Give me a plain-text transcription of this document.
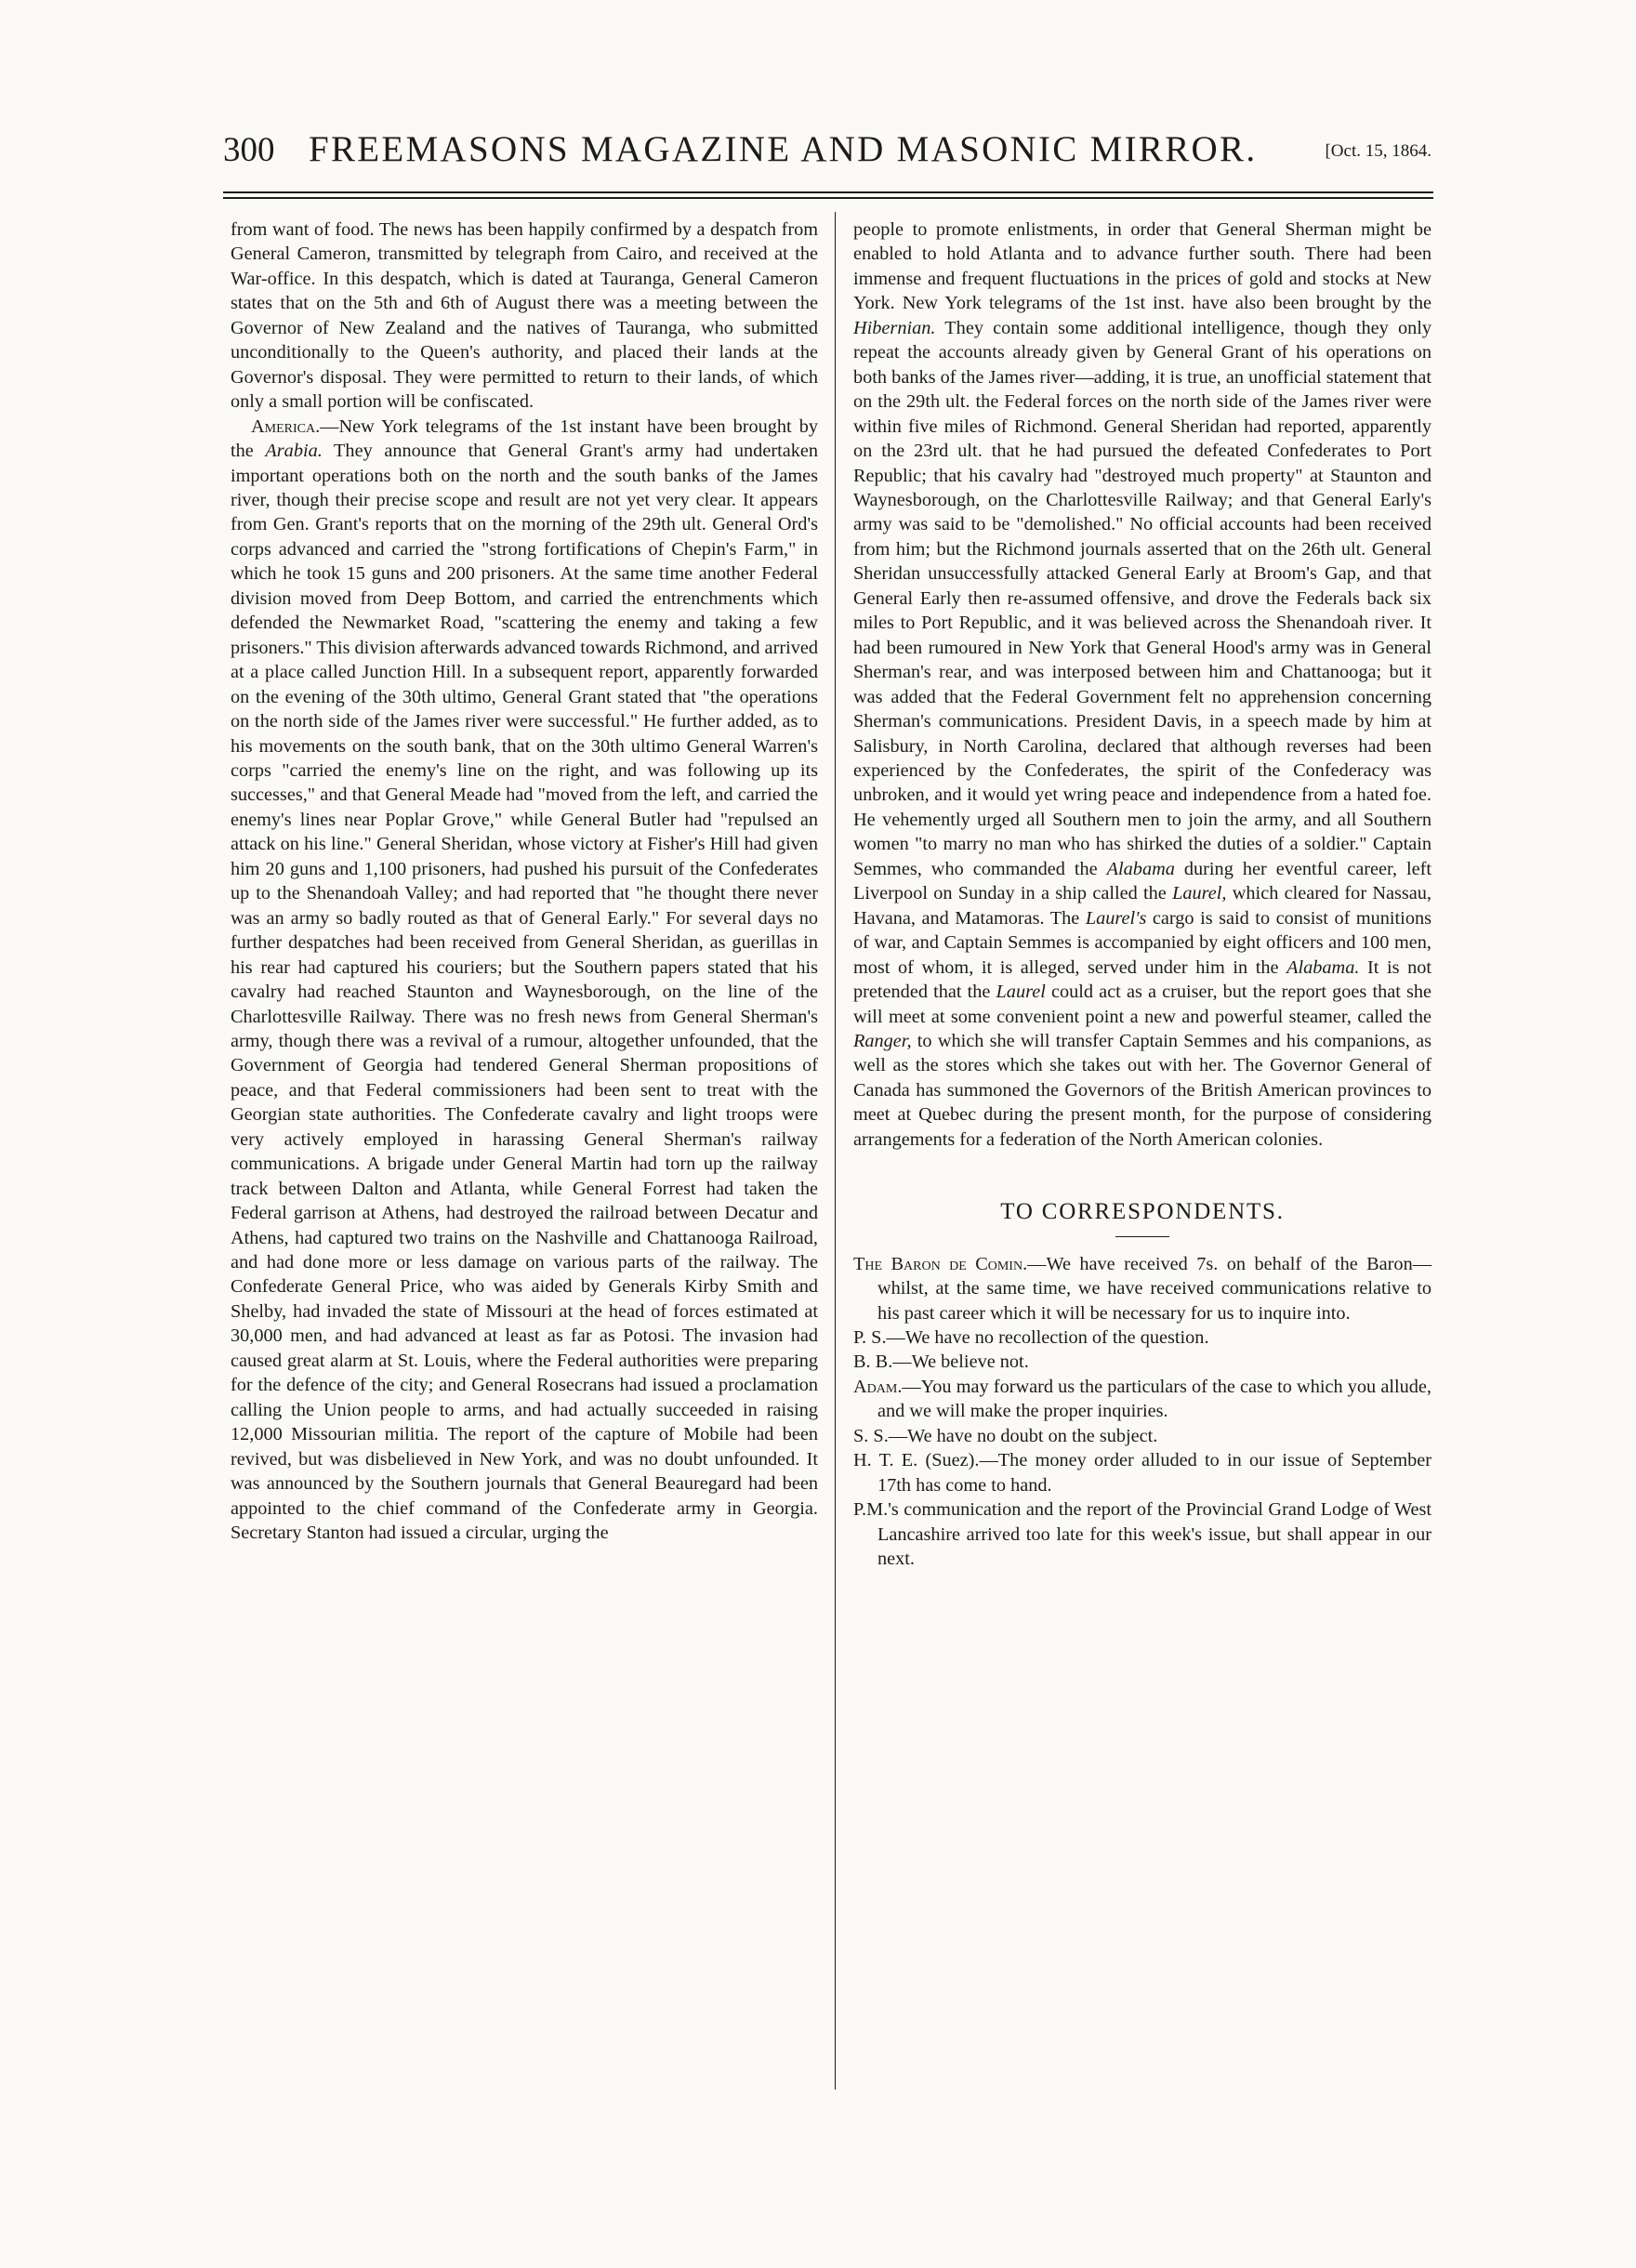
300 FREEMASONS MAGAZINE AND MASONIC MIRROR.	[Oct. 15, 1864.

from want of food. The news has been happily confirmed by a despatch from General Cameron, transmitted by telegraph from Cairo, and received at the War-office. In this despatch, which is dated at Tauranga, General Cameron states that on the 5th and 6th of August there was a meeting between the Governor of New Zealand and the natives of Tauranga, who submitted unconditionally to the Queen's authority, and placed their lands at the Governor's disposal. They were permitted to return to their lands, of which only a small portion will be confiscated.

America.—New York telegrams of the 1st instant have been brought by the Arabia. They announce that General Grant's army had undertaken important operations both on the north and the south banks of the James river, though their precise scope and result are not yet very clear. It appears from Gen. Grant's reports that on the morning of the 29th ult. General Ord's corps advanced and carried the "strong fortifications of Chepin's Farm," in which he took 15 guns and 200 prisoners. At the same time another Federal division moved from Deep Bottom, and carried the entrenchments which defended the Newmarket Road, "scattering the enemy and taking a few prisoners." This division afterwards advanced towards Richmond, and arrived at a place called Junction Hill. In a subsequent report, apparently forwarded on the evening of the 30th ultimo, General Grant stated that "the operations on the north side of the James river were successful." He further added, as to his movements on the south bank, that on the 30th ultimo General Warren's corps "carried the enemy's line on the right, and was following up its successes," and that General Meade had "moved from the left, and carried the enemy's lines near Poplar Grove," while General Butler had "repulsed an attack on his line." General Sheridan, whose victory at Fisher's Hill had given him 20 guns and 1,100 prisoners, had pushed his pursuit of the Confederates up to the Shenandoah Valley; and had reported that "he thought there never was an army so badly routed as that of General Early." For several days no further despatches had been received from General Sheridan, as guerillas in his rear had captured his couriers; but the Southern papers stated that his cavalry had reached Staunton and Waynesborough, on the line of the Charlottesville Railway. There was no fresh news from General Sherman's army, though there was a revival of a rumour, altogether unfounded, that the Government of Georgia had tendered General Sherman propositions of peace, and that Federal commissioners had been sent to treat with the Georgian state authorities. The Confederate cavalry and light troops were very actively employed in harassing General Sherman's railway communications. A brigade under General Martin had torn up the railway track between Dalton and Atlanta, while General Forrest had taken the Federal garrison at Athens, had destroyed the railroad between Decatur and Athens, had captured two trains on the Nashville and Chattanooga Railroad, and had done more or less damage on various parts of the railway. The Confederate General Price, who was aided by Generals Kirby Smith and Shelby, had invaded the state of Missouri at the head of forces estimated at 30,000 men, and had advanced at least as far as Potosi. The invasion had caused great alarm at St. Louis, where the Federal authorities were preparing for the defence of the city; and General Rosecrans had issued a proclamation calling the Union people to arms, and had actually succeeded in raising 12,000 Missourian militia. The report of the capture of Mobile had been revived, but was disbelieved in New York, and was no doubt unfounded. It was announced by the Southern journals that General Beauregard had been appointed to the chief command of the Confederate army in Georgia. Secretary Stanton had issued a circular, urging the

people to promote enlistments, in order that General Sherman might be enabled to hold Atlanta and to advance further south. There had been immense and frequent fluctuations in the prices of gold and stocks at New York. New York telegrams of the 1st inst. have also been brought by the Hibernian. They contain some additional intelligence, though they only repeat the accounts already given by General Grant of his operations on both banks of the James river—adding, it is true, an unofficial statement that on the 29th ult. the Federal forces on the north side of the James river were within five miles of Richmond. General Sheridan had reported, apparently on the 23rd ult. that he had pursued the defeated Confederates to Port Republic; that his cavalry had "destroyed much property" at Staunton and Waynesborough, on the Charlottesville Railway; and that General Early's army was said to be "demolished." No official accounts had been received from him; but the Richmond journals asserted that on the 26th ult. General Sheridan unsuccessfully attacked General Early at Broom's Gap, and that General Early then re-assumed offensive, and drove the Federals back six miles to Port Republic, and it was believed across the Shenandoah river. It had been rumoured in New York that General Hood's army was in General Sherman's rear, and was interposed between him and Chattanooga; but it was added that the Federal Government felt no apprehension concerning Sherman's communications. President Davis, in a speech made by him at Salisbury, in North Carolina, declared that although reverses had been experienced by the Confederates, the spirit of the Confederacy was unbroken, and it would yet wring peace and independence from a hated foe. He vehemently urged all Southern men to join the army, and all Southern women "to marry no man who has shirked the duties of a soldier." Captain Semmes, who commanded the Alabama during her eventful career, left Liverpool on Sunday in a ship called the Laurel, which cleared for Nassau, Havana, and Matamoras. The Laurel's cargo is said to consist of munitions of war, and Captain Semmes is accompanied by eight officers and 100 men, most of whom, it is alleged, served under him in the Alabama. It is not pretended that the Laurel could act as a cruiser, but the report goes that she will meet at some convenient point a new and powerful steamer, called the Ranger, to which she will transfer Captain Semmes and his companions, as well as the stores which she takes out with her. The Governor General of Canada has summoned the Governors of the British American provinces to meet at Quebec during the present month, for the purpose of considering arrangements for a federation of the North American colonies.

TO CORRESPONDENTS.

The Baron de Comin.—We have received 7s. on behalf of the Baron—whilst, at the same time, we have received communications relative to his past career which it will be necessary for us to inquire into.

P. S.—We have no recollection of the question.

B. B.—We believe not.

Adam.—You may forward us the particulars of the case to which you allude, and we will make the proper inquiries.

S. S.—We have no doubt on the subject.

H. T. E. (Suez).—The money order alluded to in our issue of September 17th has come to hand.

P.M.'s communication and the report of the Provincial Grand Lodge of West Lancashire arrived too late for this week's issue, but shall appear in our next.
